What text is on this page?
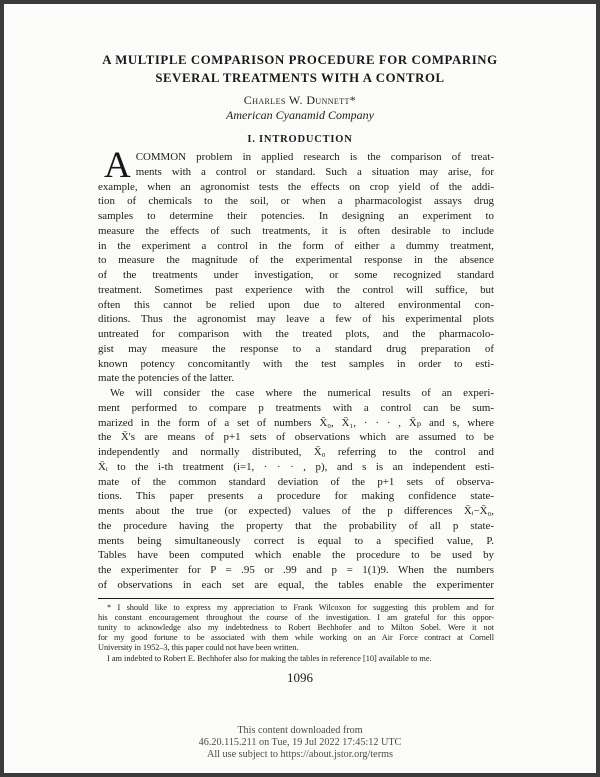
A MULTIPLE COMPARISON PROCEDURE FOR COMPARING
SEVERAL TREATMENTS WITH A CONTROL
Charles W. Dunnett*
American Cyanamid Company
I. INTRODUCTION
A COMMON problem in applied research is the comparison of treat-
ments with a control or standard. Such a situation may arise, for
example, when an agronomist tests the effects on crop yield of the addi-
tion of chemicals to the soil, or when a pharmacologist assays drug
samples to determine their potencies. In designing an experiment to
measure the effects of such treatments, it is often desirable to include
in the experiment a control in the form of either a dummy treatment,
to measure the magnitude of the experimental response in the absence
of the treatments under investigation, or some recognized standard
treatment. Sometimes past experience with the control will suffice, but
often this cannot be relied upon due to altered environmental con-
ditions. Thus the agronomist may leave a few of his experimental plots
untreated for comparison with the treated plots, and the pharmacolo-
gist may measure the response to a standard drug preparation of
known potency concomitantly with the test samples in order to esti-
mate the potencies of the latter.
We will consider the case where the numerical results of an experi-
ment performed to compare p treatments with a control can be sum-
marized in the form of a set of numbers X̄₀, X̄₁, · · · , X̄ₚ and s, where
the X̄'s are means of p+1 sets of observations which are assumed to be
independently and normally distributed, X̄₀ referring to the control and
X̄ᵢ to the i-th treatment (i=1, · · · , p), and s is an independent esti-
mate of the common standard deviation of the p+1 sets of observa-
tions. This paper presents a procedure for making confidence state-
ments about the true (or expected) values of the p differences X̄ᵢ−X̄₀,
the procedure having the property that the probability of all p state-
ments being simultaneously correct is equal to a specified value, P.
Tables have been computed which enable the procedure to be used by
the experimenter for P = .95 or .99 and p = 1(1)9. When the numbers
of observations in each set are equal, the tables enable the experimenter
* I should like to express my appreciation to Frank Wilcoxon for suggesting this problem and for
his constant encouragement throughout the course of the investigation. I am grateful for this oppor-
tunity to acknowledge also my indebtedness to Robert Bechhofer and to Milton Sobel. Were it not
for my good fortune to be associated with them while working on an Air Force contract at Cornell
University in 1952–3, this paper could not have been written.
I am indebted to Robert E. Bechhofer also for making the tables in reference [10] available to me.
1096
This content downloaded from
46.20.115.211 on Tue, 19 Jul 2022 17:45:12 UTC
All use subject to https://about.jstor.org/terms
